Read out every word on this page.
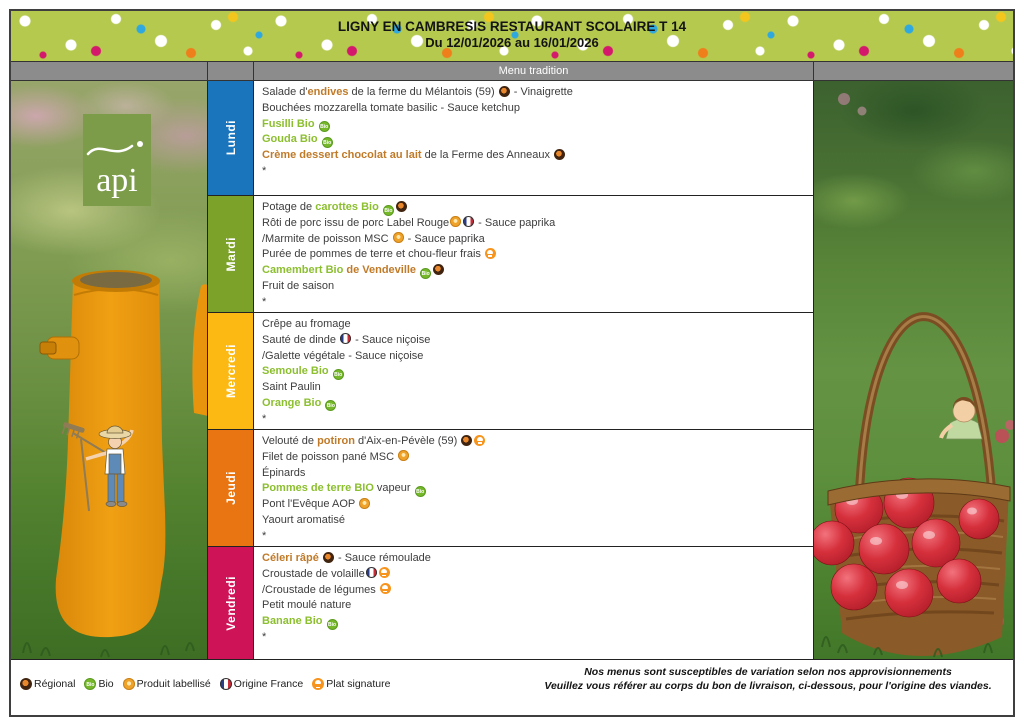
LIGNY EN CAMBRESIS RESTAURANT SCOLAIRE T 14
Du 12/01/2026 au 16/01/2026
Menu tradition
api
Lundi
Salade d'endives de la ferme du Mélantois (59)  - Vinaigrette
Bouchées mozzarella tomate basilic - Sauce ketchup
Fusilli Bio Bio
Gouda Bio Bio
Crème dessert chocolat au lait de la Ferme des Anneaux
*
Mardi
Potage de carottes Bio Bio
Rôti de porc issu de porc Label Rouge - Sauce paprika
/Marmite de poisson MSC  - Sauce paprika
Purée de pommes de terre et chou-fleur frais
Camembert Bio de Vendeville Bio
Fruit de saison
*
Mercredi
Crêpe au fromage
Sauté de dinde  - Sauce niçoise
/Galette végétale - Sauce niçoise
Semoule Bio Bio
Saint Paulin
Orange Bio Bio
*
Jeudi
Velouté de potiron d'Aix-en-Pévèle (59)
Filet de poisson pané MSC
Épinards
Pommes de terre BIO vapeur Bio
Pont l'Evêque AOP
Yaourt aromatisé
*
Vendredi
Céleri râpé  - Sauce rémoulade
Croustade de volaille
/Croustade de légumes
Petit moulé nature
Banane Bio Bio
*
Régional	Bio Bio Produit labellisé Origine France Plat signature
Nos menus sont susceptibles de variation selon nos approvisionnements
Veuillez vous référer au corps du bon de livraison, ci-dessous, pour l'origine des viandes.
